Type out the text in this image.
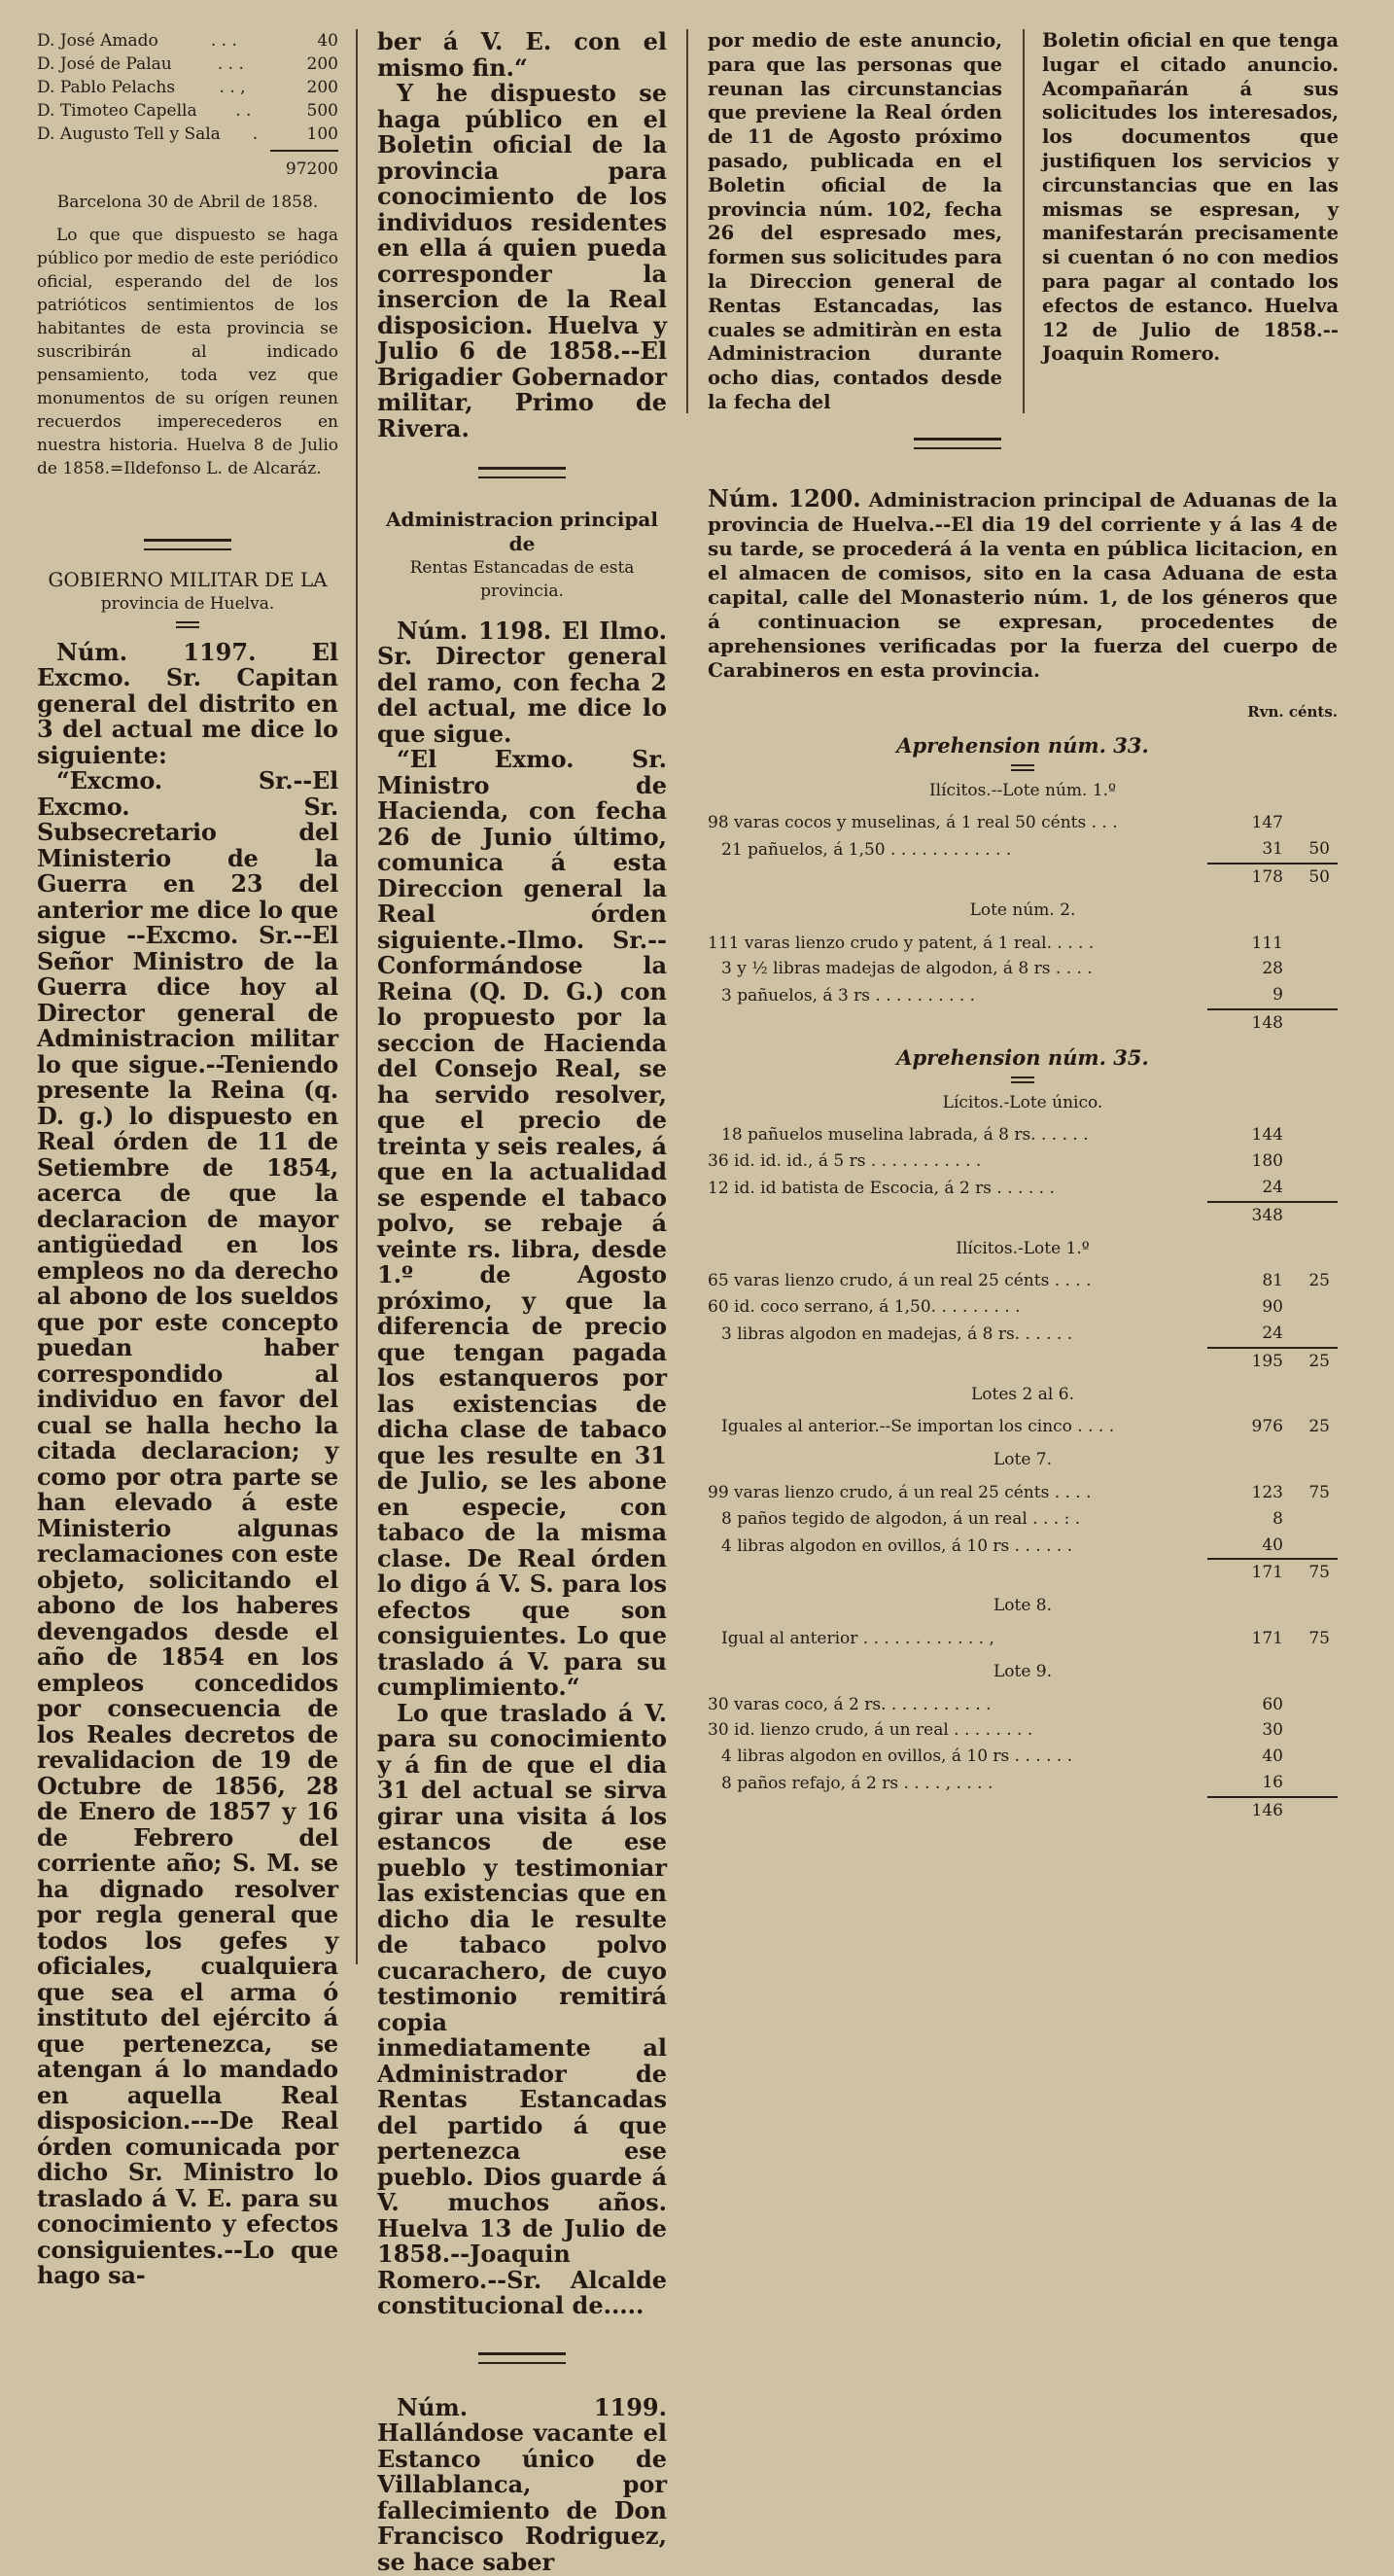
D. José Amado	. . .	40
D. José de Palau	. . .	200
D. Pablo Pelachs	. . ,	200
D. Timoteo Capella	. .	500
D. Augusto Tell y Sala	.	100
97200

Barcelona 30 de Abril de 1858.

Lo que que dispuesto se haga público por medio de este periódico oficial, esperando del de los patrióticos sentimientos de los habitantes de esta provincia se suscribirán al indicado pensamiento, toda vez que monumentos de su orígen reunen recuerdos imperecederos en nuestra historia. Huelva 8 de Julio de 1858.=Ildefonso L. de Alcaráz.

GOBIERNO MILITAR DE LA

provincia de Huelva.

Núm. 1197. El Excmo. Sr. Capitan general del distrito en 3 del actual me dice lo siguiente:

“Excmo. Sr.--El Excmo. Sr. Subsecretario del Ministerio de la Guerra en 23 del anterior me dice lo que sigue --Excmo. Sr.--El Señor Ministro de la Guerra dice hoy al Director general de Administracion militar lo que sigue.--Teniendo presente la Reina (q. D. g.) lo dispuesto en Real órden de 11 de Setiembre de 1854, acerca de que la declaracion de mayor antigüedad en los empleos no da derecho al abono de los sueldos que por este concepto puedan haber correspondido al individuo en favor del cual se halla hecho la citada declaracion; y como por otra parte se han elevado á este Ministerio algunas reclamaciones con este objeto, solicitando el abono de los haberes devengados desde el año de 1854 en los empleos concedidos por consecuencia de los Reales decretos de revalidacion de 19 de Octubre de 1856, 28 de Enero de 1857 y 16 de Febrero del corriente año; S. M. se ha dignado resolver por regla general que todos los gefes y oficiales, cualquiera que sea el arma ó instituto del ejército á que pertenezca, se atengan á lo mandado en aquella Real disposicion.---De Real órden comunicada por dicho Sr. Ministro lo traslado á V. E. para su conocimiento y efectos consiguientes.--Lo que hago sa-

ber á V. E. con el mismo fin.“

Y he dispuesto se haga público en el Boletin oficial de la provincia para conocimiento de los individuos residentes en ella á quien pueda corresponder la insercion de la Real disposicion. Huelva y Julio 6 de 1858.--El Brigadier Gobernador militar, Primo de Rivera.

Administracion principal de

Rentas Estancadas de esta provincia.

Núm. 1198. El Ilmo. Sr. Director general del ramo, con fecha 2 del actual, me dice lo que sigue.

“El Exmo. Sr. Ministro de Hacienda, con fecha 26 de Junio último, comunica á esta Direccion general la Real órden siguiente.-Ilmo. Sr.--Conformándose la Reina (Q. D. G.) con lo propuesto por la seccion de Hacienda del Consejo Real, se ha servido resolver, que el precio de treinta y seis reales, á que en la actualidad se espende el tabaco polvo, se rebaje á veinte rs. libra, desde 1.º de Agosto próximo, y que la diferencia de precio que tengan pagada los estanqueros por las existencias de dicha clase de tabaco que les resulte en 31 de Julio, se les abone en especie, con tabaco de la misma clase. De Real órden lo digo á V. S. para los efectos que son consiguientes. Lo que traslado á V. para su cumplimiento.“

Lo que traslado á V. para su conocimiento y á fin de que el dia 31 del actual se sirva girar una visita á los estancos de ese pueblo y testimoniar las existencias que en dicho dia le resulte de tabaco polvo cucarachero, de cuyo testimonio remitirá copia inmediatamente al Administrador de Rentas Estancadas del partido á que pertenezca ese pueblo. Dios guarde á V. muchos años. Huelva 13 de Julio de 1858.--Joaquin Romero.--Sr. Alcalde constitucional de.....

Núm. 1199. Hallándose vacante el Estanco único de Villablanca, por fallecimiento de Don Francisco Rodriguez, se hace saber

por medio de este anuncio, para que las personas que reunan las circunstancias que previene la Real órden de 11 de Agosto próximo pasado, publicada en el Boletin oficial de la provincia núm. 102, fecha 26 del espresado mes, formen sus solicitudes para la Direccion general de Rentas Estancadas, las cuales se admitiràn en esta Administracion durante ocho dias, contados desde la fecha del

Boletin oficial en que tenga lugar el citado anuncio. Acompañarán á sus solicitudes los interesados, los documentos que justifiquen los servicios y circunstancias que en las mismas se espresan, y manifestarán precisamente si cuentan ó no con medios para pagar al contado los efectos de estanco. Huelva 12 de Julio de 1858.--Joaquin Romero.

Núm. 1200. Administracion principal de Aduanas de la provincia de Huelva.--El dia 19 del corriente y á las 4 de su tarde, se procederá á la venta en pública licitacion, en el almacen de comisos, sito en la casa Aduana de esta capital, calle del Monasterio núm. 1, de los géneros que á continuacion se expresan, procedentes de aprehensiones verificadas por la fuerza del cuerpo de Carabineros en esta provincia.

Rvn. cénts.
Aprehension núm. 33.
Ilícitos.--Lote núm. 1.º
98 varas cocos y muselinas, á 1 real 50 cénts . . .	147	
21 pañuelos, á 1,50 . . . . . . . . . . . .	31	50
	178	50
Lote núm. 2.
111 varas lienzo crudo y patent, á 1 real. . . . .	111	
3 y ½ libras madejas de algodon, á 8 rs . . . .	28	
3 pañuelos, á 3 rs . . . . . . . . . .	9	
	148	
Aprehension núm. 35.
Lícitos.-Lote único.
18 pañuelos muselina labrada, á 8 rs. . . . . .	144	
36 id. id. id., á 5 rs . . . . . . . . . . .	180	
12 id. id batista de Escocia, á 2 rs . . . . . .	24	
	348	
Ilícitos.-Lote 1.º
65 varas lienzo crudo, á un real 25 cénts . . . .	81	25
60 id. coco serrano, á 1,50. . . . . . . . .	90	
3 libras algodon en madejas, á 8 rs. . . . . .	24	
	195	25
Lotes 2 al 6.
Iguales al anterior.--Se importan los cinco . . . .	976	25
Lote 7.
99 varas lienzo crudo, á un real 25 cénts . . . .	123	75
8 paños tegido de algodon, á un real . . . : .	8	
4 libras algodon en ovillos, á 10 rs . . . . . .	40	
	171	75
Lote 8.
Igual al anterior . . . . . . . . . . . . ,	171	75
Lote 9.
30 varas coco, á 2 rs. . . . . . . . . . .	60	
30 id. lienzo crudo, á un real . . . . . . . .	30	
4 libras algodon en ovillos, á 10 rs . . . . . .	40	
8 paños refajo, á 2 rs . . . . , . . . .	16	
	146	
